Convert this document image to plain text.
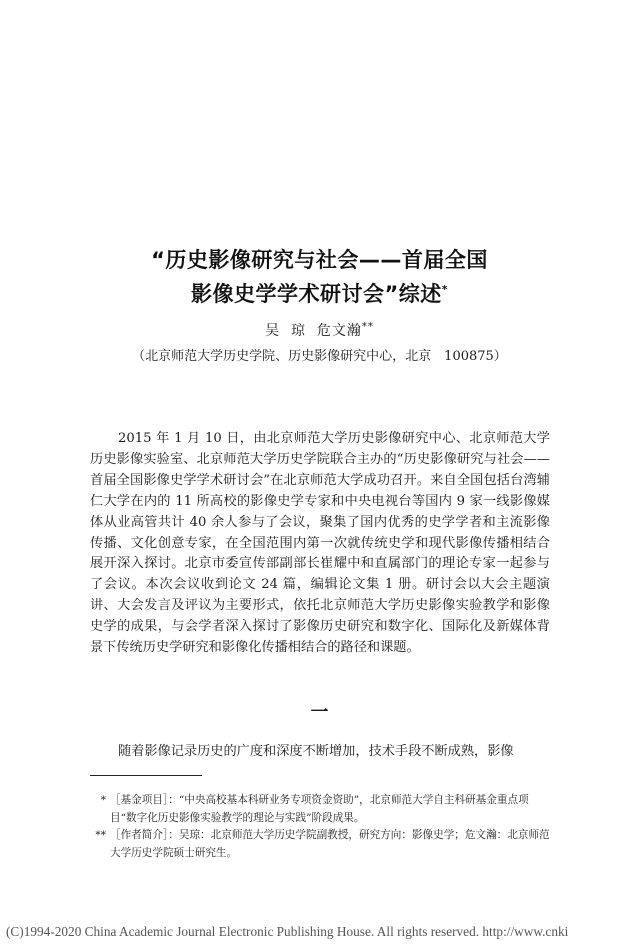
“历史影像研究与社会——首届全国
影像史学学术研讨会”综述*
吴  琼  危文瀚**
（北京师范大学历史学院、历史影像研究中心，北京　100875）

2015 年 1 月 10 日，由北京师范大学历史影像研究中心、北京师范大学历史影像实验室、北京师范大学历史学院联合主办的“历史影像研究与社会——首届全国影像史学学术研讨会”在北京师范大学成功召开。来自全国包括台湾辅仁大学在内的 11 所高校的影像史学专家和中央电视台等国内 9 家一线影像媒体从业高管共计 40 余人参与了会议，聚集了国内优秀的史学学者和主流影像传播、文化创意专家，在全国范围内第一次就传统史学和现代影像传播相结合展开深入探讨。北京市委宣传部副部长崔耀中和直属部门的理论专家一起参与了会议。本次会议收到论文 24 篇，编辑论文集 1 册。研讨会以大会主题演讲、大会发言及评议为主要形式，依托北京师范大学历史影像实验教学和影像史学的成果，与会学者深入探讨了影像历史研究和数字化、国际化及新媒体背景下传统历史学研究和影像化传播相结合的路径和课题。

一

随着影像记录历史的广度和深度不断增加，技术手段不断成熟，影像

* ［基金项目］：“中央高校基本科研业务专项资金资助”，北京师范大学自主科研基金重点项目“数字化历史影像实验教学的理论与实践”阶段成果。
** ［作者简介］：吴琼：北京师范大学历史学院副教授，研究方向：影像史学；危文瀚：北京师范大学历史学院硕士研究生。
(C)1994-2020 China Academic Journal Electronic Publishing House. All rights reserved. http://www.cnki
